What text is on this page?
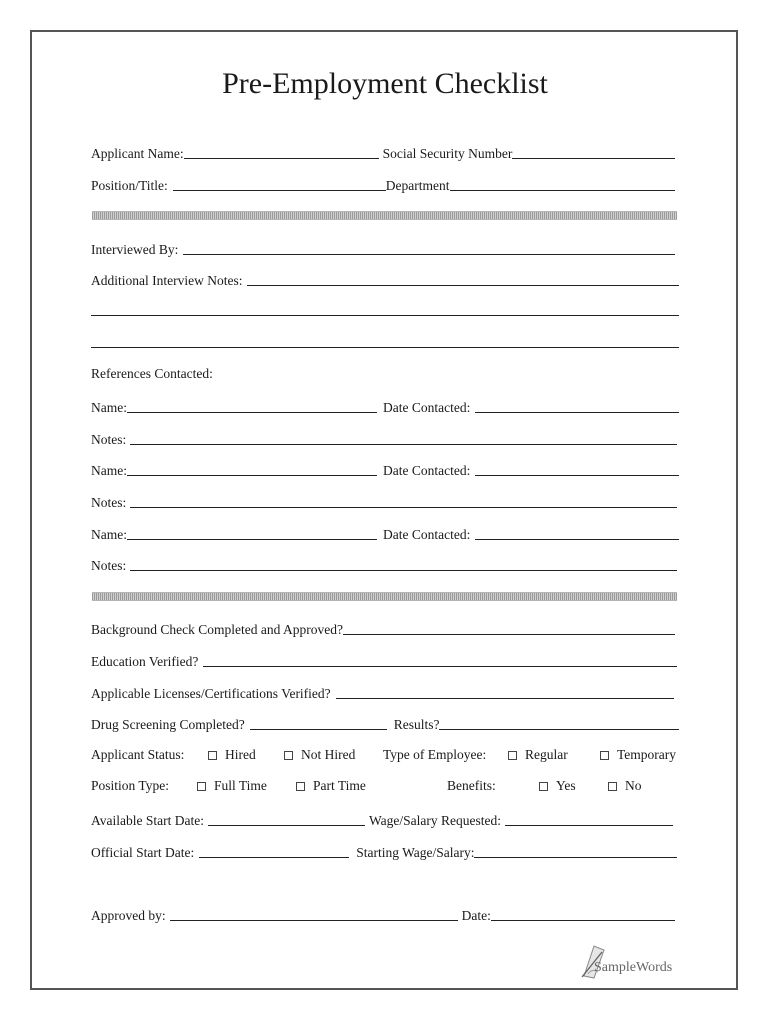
Pre-Employment Checklist
Applicant Name:	Social Security Number
Position/Title:	Department
Interviewed By:
Additional Interview Notes:
References Contacted:
Name:	Date Contacted:
Notes:
Name:	Date Contacted:
Notes:
Name:	Date Contacted:
Notes:
Background Check Completed and Approved?
Education Verified?
Applicable Licenses/Certifications Verified?
Drug Screening Completed?	Results?
Applicant Status:	Hired	Not Hired Type of Employee:	Regular	Temporary
Position Type:	Full Time	Part Time	Benefits:	Yes	No
Available Start Date:	Wage/Salary Requested:
Official Start Date:	Starting Wage/Salary:
Approved by:	Date:
SampleWords
